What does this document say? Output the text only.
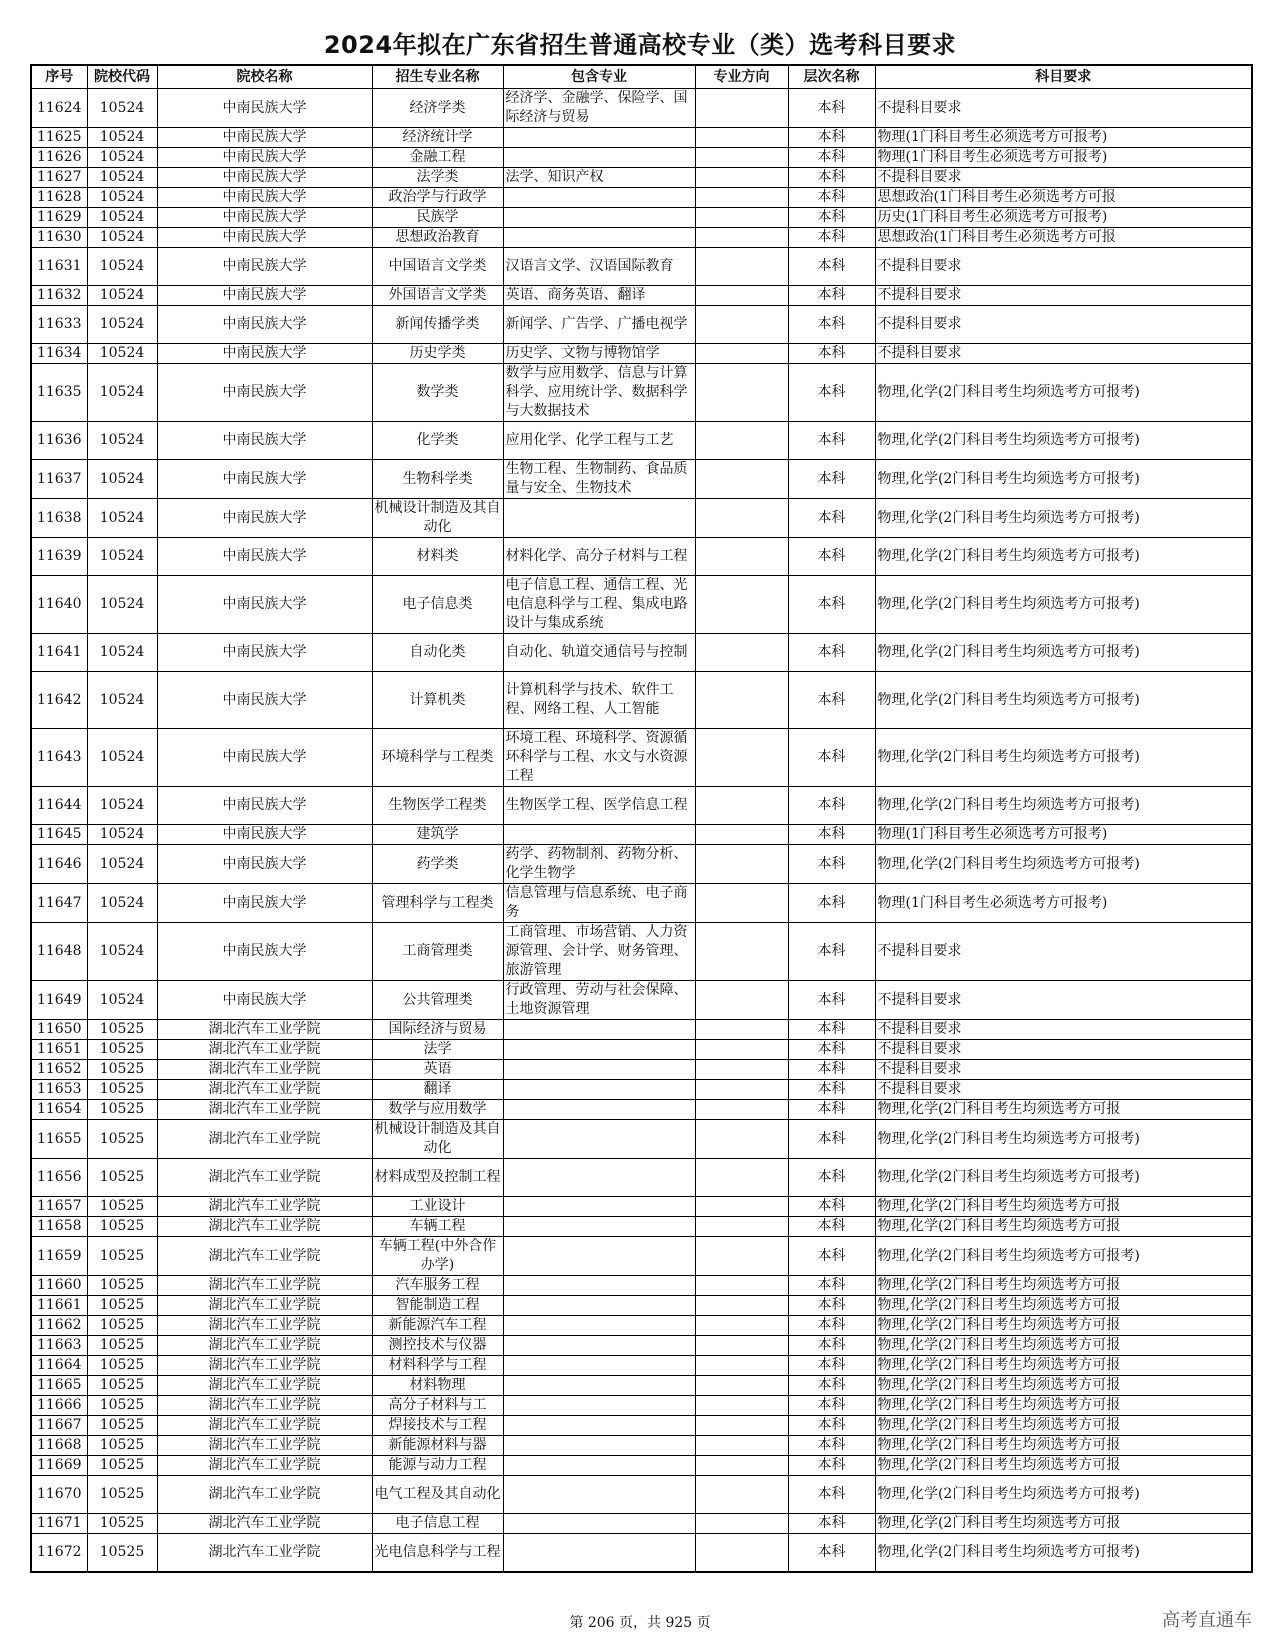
2024年拟在广东省招生普通高校专业（类）选考科目要求
序号	院校代码	院校名称	招生专业名称	包含专业	专业方向	层次名称	科目要求
11624	10524	中南民族大学	经济学类	经济学、金融学、保险学、国际经济与贸易		本科	不提科目要求
11625	10524	中南民族大学	经济统计学			本科	物理(1门科目考生必须选考方可报考)
11626	10524	中南民族大学	金融工程			本科	物理(1门科目考生必须选考方可报考)
11627	10524	中南民族大学	法学类	法学、知识产权		本科	不提科目要求
11628	10524	中南民族大学	政治学与行政学			本科	思想政治(1门科目考生必须选考方可报
11629	10524	中南民族大学	民族学			本科	历史(1门科目考生必须选考方可报考)
11630	10524	中南民族大学	思想政治教育			本科	思想政治(1门科目考生必须选考方可报
11631	10524	中南民族大学	中国语言文学类	汉语言文学、汉语国际教育		本科	不提科目要求
11632	10524	中南民族大学	外国语言文学类	英语、商务英语、翻译		本科	不提科目要求
11633	10524	中南民族大学	新闻传播学类	新闻学、广告学、广播电视学		本科	不提科目要求
11634	10524	中南民族大学	历史学类	历史学、文物与博物馆学		本科	不提科目要求
11635	10524	中南民族大学	数学类	数学与应用数学、信息与计算科学、应用统计学、数据科学与大数据技术		本科	物理,化学(2门科目考生均须选考方可报考)
11636	10524	中南民族大学	化学类	应用化学、化学工程与工艺		本科	物理,化学(2门科目考生均须选考方可报考)
11637	10524	中南民族大学	生物科学类	生物工程、生物制药、食品质量与安全、生物技术		本科	物理,化学(2门科目考生均须选考方可报考)
11638	10524	中南民族大学	机械设计制造及其自动化			本科	物理,化学(2门科目考生均须选考方可报考)
11639	10524	中南民族大学	材料类	材料化学、高分子材料与工程		本科	物理,化学(2门科目考生均须选考方可报考)
11640	10524	中南民族大学	电子信息类	电子信息工程、通信工程、光电信息科学与工程、集成电路设计与集成系统		本科	物理,化学(2门科目考生均须选考方可报考)
11641	10524	中南民族大学	自动化类	自动化、轨道交通信号与控制		本科	物理,化学(2门科目考生均须选考方可报考)
11642	10524	中南民族大学	计算机类	计算机科学与技术、软件工程、网络工程、人工智能		本科	物理,化学(2门科目考生均须选考方可报考)
11643	10524	中南民族大学	环境科学与工程类	环境工程、环境科学、资源循环科学与工程、水文与水资源工程		本科	物理,化学(2门科目考生均须选考方可报考)
11644	10524	中南民族大学	生物医学工程类	生物医学工程、医学信息工程		本科	物理,化学(2门科目考生均须选考方可报考)
11645	10524	中南民族大学	建筑学			本科	物理(1门科目考生必须选考方可报考)
11646	10524	中南民族大学	药学类	药学、药物制剂、药物分析、化学生物学		本科	物理,化学(2门科目考生均须选考方可报考)
11647	10524	中南民族大学	管理科学与工程类	信息管理与信息系统、电子商务		本科	物理(1门科目考生必须选考方可报考)
11648	10524	中南民族大学	工商管理类	工商管理、市场营销、人力资源管理、会计学、财务管理、旅游管理		本科	不提科目要求
11649	10524	中南民族大学	公共管理类	行政管理、劳动与社会保障、土地资源管理		本科	不提科目要求
11650	10525	湖北汽车工业学院	国际经济与贸易			本科	不提科目要求
11651	10525	湖北汽车工业学院	法学			本科	不提科目要求
11652	10525	湖北汽车工业学院	英语			本科	不提科目要求
11653	10525	湖北汽车工业学院	翻译			本科	不提科目要求
11654	10525	湖北汽车工业学院	数学与应用数学			本科	物理,化学(2门科目考生均须选考方可报
11655	10525	湖北汽车工业学院	机械设计制造及其自动化			本科	物理,化学(2门科目考生均须选考方可报考)
11656	10525	湖北汽车工业学院	材料成型及控制工程			本科	物理,化学(2门科目考生均须选考方可报考)
11657	10525	湖北汽车工业学院	工业设计			本科	物理,化学(2门科目考生均须选考方可报
11658	10525	湖北汽车工业学院	车辆工程			本科	物理,化学(2门科目考生均须选考方可报
11659	10525	湖北汽车工业学院	车辆工程(中外合作办学)			本科	物理,化学(2门科目考生均须选考方可报考)
11660	10525	湖北汽车工业学院	汽车服务工程			本科	物理,化学(2门科目考生均须选考方可报
11661	10525	湖北汽车工业学院	智能制造工程			本科	物理,化学(2门科目考生均须选考方可报
11662	10525	湖北汽车工业学院	新能源汽车工程			本科	物理,化学(2门科目考生均须选考方可报
11663	10525	湖北汽车工业学院	测控技术与仪器			本科	物理,化学(2门科目考生均须选考方可报
11664	10525	湖北汽车工业学院	材料科学与工程			本科	物理,化学(2门科目考生均须选考方可报
11665	10525	湖北汽车工业学院	材料物理			本科	物理,化学(2门科目考生均须选考方可报
11666	10525	湖北汽车工业学院	高分子材料与工			本科	物理,化学(2门科目考生均须选考方可报
11667	10525	湖北汽车工业学院	焊接技术与工程			本科	物理,化学(2门科目考生均须选考方可报
11668	10525	湖北汽车工业学院	新能源材料与器			本科	物理,化学(2门科目考生均须选考方可报
11669	10525	湖北汽车工业学院	能源与动力工程			本科	物理,化学(2门科目考生均须选考方可报
11670	10525	湖北汽车工业学院	电气工程及其自动化			本科	物理,化学(2门科目考生均须选考方可报考)
11671	10525	湖北汽车工业学院	电子信息工程			本科	物理,化学(2门科目考生均须选考方可报
11672	10525	湖北汽车工业学院	光电信息科学与工程			本科	物理,化学(2门科目考生均须选考方可报考)
第 206 页，共 925 页	高考直通车
